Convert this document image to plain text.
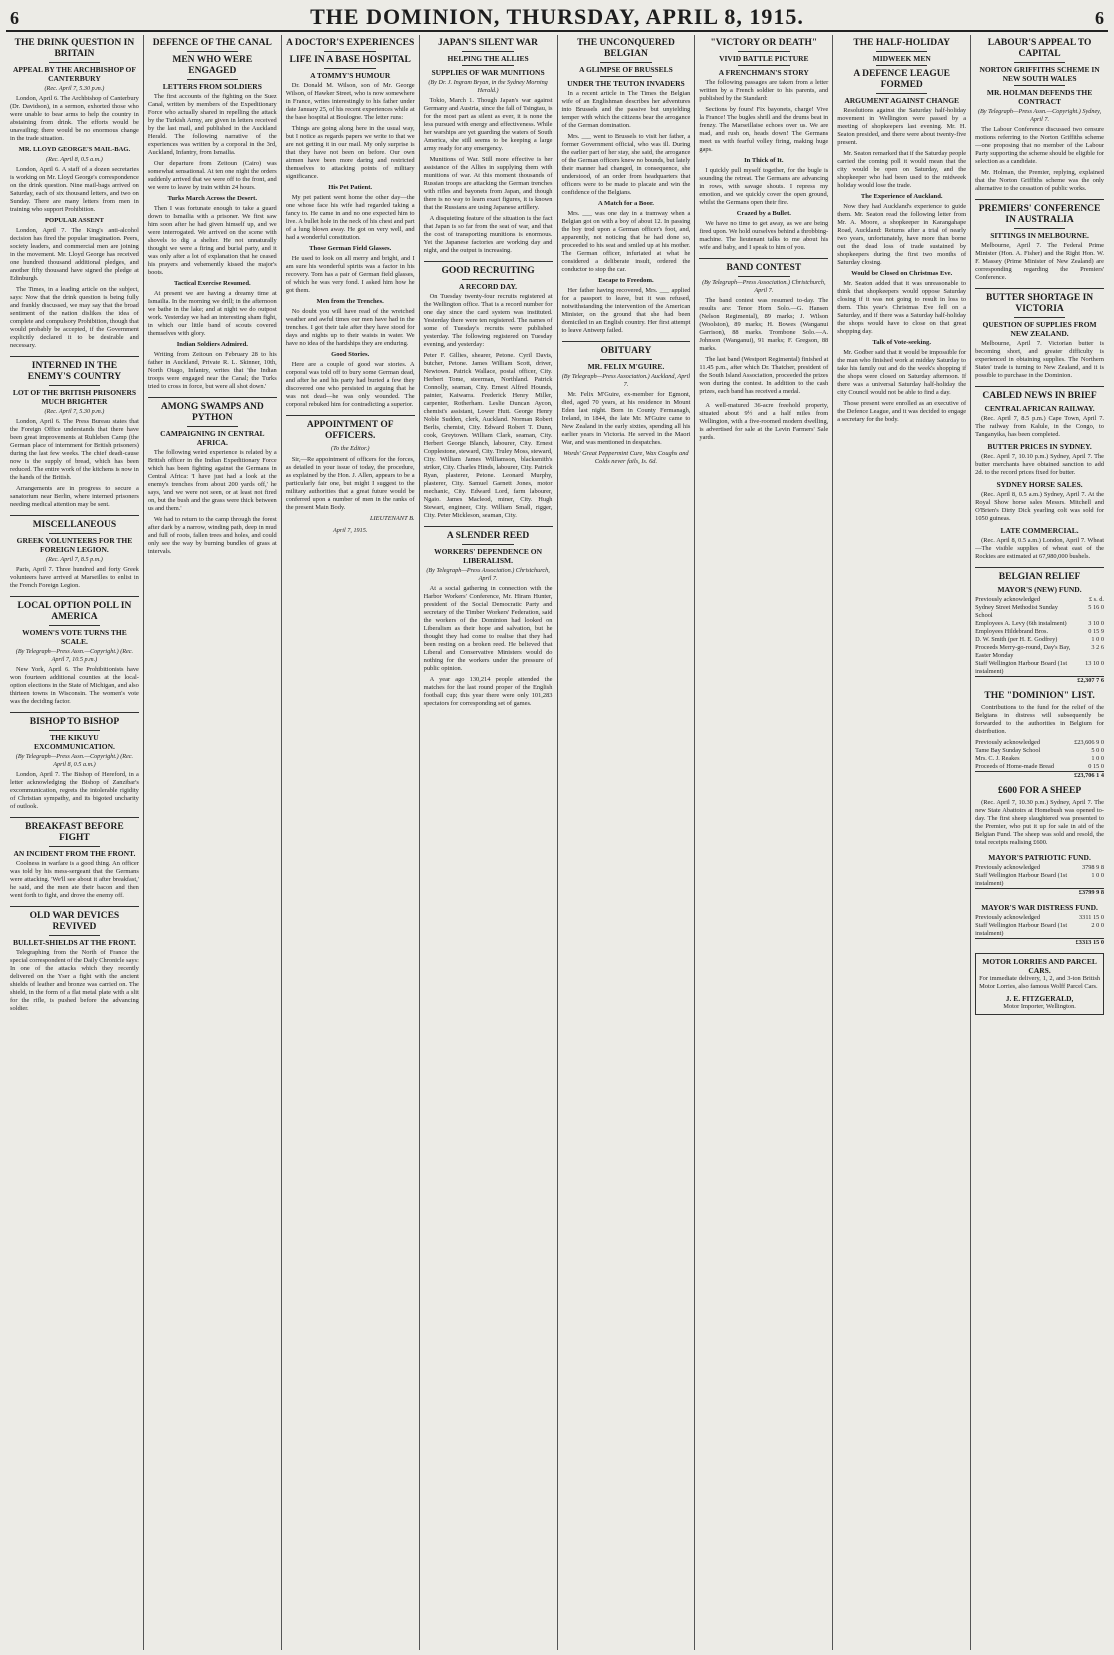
6	THE DOMINION, THURSDAY, APRIL 8, 1915.	6
THE DRINK QUESTION IN BRITAIN
APPEAL BY THE ARCHBISHOP OF CANTERBURY
(Rec. April 7, 5.30 p.m.)

London, April 6. The Archbishop of Canterbury (Dr. Davidson), in a sermon, exhorted those who were unable to bear arms to help the country in abstaining from drink. The efforts would be unavailing; there would be no enormous change in the trade situation.

MR. LLOYD GEORGE'S MAIL-BAG.
(Rec. April 8, 0.5 a.m.)

London, April 6. A staff of a dozen secretaries is working on Mr. Lloyd George's correspondence on the drink question. Nine mail-bags arrived on Saturday, each of six thousand letters, and two on Sunday. There are many letters from men in training who support Prohibition.

POPULAR ASSENT

London, April 7. The King's anti-alcohol decision has fired the popular imagination. Peers, society leaders, and commercial men are joining in the movement. Mr. Lloyd George has received one hundred thousand additional pledges, and another fifty thousand have signed the pledge at Edinburgh.

The Times, in a leading article on the subject, says: Now that the drink question is being fully and frankly discussed, we may say that the broad sentiment of the nation dislikes the idea of complete and compulsory Prohibition, though that would probably be accepted, if the Government explicitly declared it to be desirable and necessary.

INTERNED IN THE ENEMY'S COUNTRY
LOT OF THE BRITISH PRISONERS MUCH BRIGHTER
(Rec. April 7, 5.30 p.m.)

London, April 6. The Press Bureau states that the Foreign Office understands that there have been great improvements at Ruhleben Camp (the German place of internment for British prisoners) during the last few weeks. The chief deadi-cause now is the supply of bread, which has been reduced. The entire work of the kitchens is now in the hands of the British.

Arrangements are in progress to secure a sanatorium near Berlin, where interned prisoners needing medical attention may be sent.

MISCELLANEOUS
GREEK VOLUNTEERS FOR THE FOREIGN LEGION.
(Rec. April 7, 8.5 p.m.)

Paris, April 7. Three hundred and forty Greek volunteers have arrived at Marseilles to enlist in the French Foreign Legion.

LOCAL OPTION POLL IN AMERICA
WOMEN'S VOTE TURNS THE SCALE.
(By Telegraph—Press Assn.—Copyright.) (Rec. April 7, 10.5 p.m.)

New York, April 6. The Prohibitionists have won fourteen additional counties at the local-option elections in the State of Michigan, and also thirteen towns in Wisconsin. The women's vote was the deciding factor.

BISHOP TO BISHOP
THE KIKUYU EXCOMMUNICATION.
(By Telegraph—Press Assn.—Copyright.) (Rec. April 8, 0.5 a.m.)

London, April 7. The Bishop of Hereford, in a letter acknowledging the Bishop of Zanzibar's excommunication, regrets the intolerable rigidity of Christian sympathy, and its bigoted uncharity of outlook.

BREAKFAST BEFORE FIGHT
AN INCIDENT FROM THE FRONT.

Coolness in warfare is a good thing. An officer was told by his mess-sergeant that the Germans were attacking. 'We'll see about it after breakfast,' he said, and the men ate their bacon and then went forth to fight, and drove the enemy off.

OLD WAR DEVICES REVIVED
BULLET-SHIELDS AT THE FRONT.

Telegraphing from the North of France the special correspondent of the Daily Chronicle says: In one of the attacks which they recently delivered on the Yser a fight with the ancient shields of leather and bronze was carried on. The shield, in the form of a flat metal plate with a slit for the rifle, is pushed before the advancing soldier.

DEFENCE OF THE CANAL
MEN WHO WERE ENGAGED
LETTERS FROM SOLDIERS

The first accounts of the fighting on the Suez Canal, written by members of the Expeditionary Force who actually shared in repelling the attack by the Turkish Army, are given in letters received by the last mail, and published in the Auckland Herald. The following narrative of the experiences was written by a corporal in the 3rd, Auckland, Infantry, from Ismailia.

Our departure from Zeitoun (Cairo) was somewhat sensational. At ten one night the orders suddenly arrived that we were off to the front, and we were to leave by train within 24 hours.

Turks March Across the Desert.

Then I was fortunate enough to take a guard down to Ismailia with a prisoner. We first saw him soon after he had given himself up, and we were interrogated. We arrived on the scene with shovels to dig a shelter. He not unnaturally thought we were a firing and burial party, and it was only after a lot of explanation that he ceased his prayers and vehemently kissed the major's boots.

Tactical Exercise Resumed.

At present we are having a dreamy time at Ismailia. In the morning we drill; in the afternoon we bathe in the lake; and at night we do outpost work. Yesterday we had an interesting sham fight, in which our little band of scouts covered themselves with glory.

Indian Soldiers Admired.

Writing from Zeitoun on February 28 to his father in Auckland, Private R. L. Skinner, 10th, North Otago, Infantry, writes that 'the Indian troops were engaged near the Canal; the Turks tried to cross in force, but were all shot down.'

AMONG SWAMPS AND PYTHON
CAMPAIGNING IN CENTRAL AFRICA.

The following weird experience is related by a British officer in the Indian Expeditionary Force which has been fighting against the Germans in Central Africa: 'I have just had a look at the enemy's trenches from about 200 yards off,' he says, 'and we were not seen, or at least not fired on, but the bush and the grass were thick between us and them.'

We had to return to the camp through the forest after dark by a narrow, winding path, deep in mud and full of roots, fallen trees and holes, and could only see the way by burning bundles of grass at intervals.

A DOCTOR'S EXPERIENCES
LIFE IN A BASE HOSPITAL
A TOMMY'S HUMOUR

Dr. Donald M. Wilson, son of Mr. George Wilson, of Hawker Street, who is now somewhere in France, writes interestingly to his father under date January 25, of his recent experiences while at the base hospital at Boulogne. The letter runs:

Things are going along here in the usual way, but I notice as regards papers we write to that we are not getting it in our mail. My only surprise is that they have not been on before. Our own airmen have been more daring and restricted themselves to attacking points of military significance.

His Pet Patient.

My pet patient went home the other day—the one whose face his wife had regarded taking a fancy to. He came in and no one expected him to live. A bullet hole in the neck of his chest and part of a lung blown away. He got on very well, and had a wonderful constitution.

Those German Field Glasses.

He used to look on all merry and bright, and I am sure his wonderful spirits was a factor in his recovery. Tom has a pair of German field glasses, of which he was very fond. I asked him how he got them.

Men from the Trenches.

No doubt you will have read of the wretched weather and awful times our men have had in the trenches. I got their tale after they have stood for days and nights up to their waists in water. We have no idea of the hardships they are enduring.

Good Stories.

Here are a couple of good war stories. A corporal was told off to bury some German dead, and after he and his party had buried a few they discovered one who persisted in arguing that he was not dead—he was only wounded. The corporal rebuked him for contradicting a superior.

APPOINTMENT OF OFFICERS.
(To the Editor.)

Sir,—Re appointment of officers for the forces, as detailed in your issue of today, the procedure, as explained by the Hon. J. Allen, appears to be a particularly fair one, but might I suggest to the military authorities that a great future would be conferred upon a number of men in the ranks of the present Main Body.

LIEUTENANT B.
April 7, 1915.
JAPAN'S SILENT WAR
HELPING THE ALLIES
SUPPLIES OF WAR MUNITIONS
(By Dr. J. Ingram Bryan, in the Sydney Morning Herald.)

Tokio, March 1. Though Japan's war against Germany and Austria, since the fall of Tsingtau, is for the most part as silent as ever, it is none the less pursued with energy and effectiveness. While her warships are yet guarding the waters of South America, she still seems to be keeping a large army ready for any emergency.

Munitions of War. Still more effective is her assistance of the Allies in supplying them with munitions of war. At this moment thousands of Russian troops are attacking the German trenches with rifles and bayonets from Japan, and though there is no way to learn exact figures, it is known that the Russians are using Japanese artillery.

A disquieting feature of the situation is the fact that Japan is so far from the seat of war, and that the cost of transporting munitions is enormous. Yet the Japanese factories are working day and night, and the output is increasing.

GOOD RECRUITING
A RECORD DAY.

On Tuesday twenty-four recruits registered at the Wellington office. That is a record number for one day since the card system was instituted. Yesterday there were ten registered. The names of some of Tuesday's recruits were published yesterday. The following registered on Tuesday evening, and yesterday:

Peter F. Gillies, shearer, Petone. Cyril Davis, butcher, Petone. James William Scott, driver, Newtown. Patrick Wallace, postal officer, City. Herbert Tome, steerman, Northland. Patrick Connolly, seaman, City. Ernest Alfred Hounds, painter, Kaiwarra. Frederick Henry Miller, carpenter, Rotherham. Leslie Duncan Aycon, chemist's assistant, Lower Hutt. George Henry Noble Sudden, clerk, Auckland. Norman Robert Berlis, chemist, City. Edward Robert T. Dunn, cook, Greytown. William Clark, seaman, City. Herbert George Blanch, labourer, City. Ernest Copplestone, steward, City. Truley Moss, steward, City. William James Williamson, blacksmith's striker, City. Charles Hinds, labourer, City. Patrick Ryan, plasterer, Petone. Leonard Murphy, plasterer, City. Samuel Garnett Jones, motor mechanic, City. Edward Lord, farm labourer, Ngaio. James Macleod, miner, City. Hugh Stewart, engineer, City. William Small, rigger, City. Peter Mickleson, seaman, City.

A SLENDER REED
WORKERS' DEPENDENCE ON LIBERALISM.
(By Telegraph—Press Association.) Christchurch, April 7.

At a social gathering in connection with the Harbor Workers' Conference, Mr. Hiram Hunter, president of the Social Democratic Party and secretary of the Timber Workers' Federation, said the workers of the Dominion had looked on Liberalism as their hope and salvation, but he thought they had come to realise that they had been resting on a broken reed. He believed that Liberal and Conservative Ministers would do nothing for the workers under the pressure of public opinion.

A year ago 130,214 people attended the matches for the last round proper of the English football cup; this year there were only 101,283 spectators for corresponding set of games.

THE UNCONQUERED BELGIAN
A GLIMPSE OF BRUSSELS
UNDER THE TEUTON INVADERS

In a recent article in The Times the Belgian wife of an Englishman describes her adventures into Brussels and the passive but unyielding temper with which the citizens bear the arrogance of the German domination.

Mrs. ___ went to Brussels to visit her father, a former Government official, who was ill. During the earlier part of her stay, she said, the arrogance of the German officers knew no bounds, but lately their manner had changed, in consequence, she understood, of an order from headquarters that officers were to be made to placate and win the confidence of the Belgians.

A Match for a Boor.

Mrs. ___ was one day in a tramway when a Belgian got on with a boy of about 12. In passing the boy trod upon a German officer's foot, and, apparently, not noticing that he had done so, proceeded to his seat and smiled up at his mother. The German officer, infuriated at what he considered a deliberate insult, ordered the conductor to stop the car.

Escape to Freedom.

Her father having recovered, Mrs. ___ applied for a passport to leave, but it was refused, notwithstanding the intervention of the American Minister, on the ground that she had been domiciled in an English country. Her first attempt to leave Antwerp failed.

OBITUARY
MR. FELIX M'GUIRE.
(By Telegraph—Press Association.) Auckland, April 7.

Mr. Felix M'Guire, ex-member for Egmont, died, aged 70 years, at his residence in Mount Eden last night. Born in County Fermanagh, Ireland, in 1844, the late Mr. M'Guire came to New Zealand in the early sixties, spending all his earlier years in Victoria. He served in the Maori War, and was mentioned in despatches.

Words' Great Peppermint Cure, Wax Coughs and Colds never fails, Is. 6d.
"VICTORY OR DEATH"
VIVID BATTLE PICTURE
A FRENCHMAN'S STORY

The following passages are taken from a letter written by a French soldier to his parents, and published by the Standard:

Sections by fours! Fix bayonets, charge! Vive la France! The bugles shrill and the drums beat in frenzy. The Marseillaise echoes over us. We are mad, and rush on, heads down! The Germans meet us with fearful volley firing, making huge gaps.

In Thick of It.

I quickly pull myself together, for the bugle is sounding the retreat. The Germans are advancing in rows, with savage shouts. I repress my emotion, and we quickly cover the open ground, whilst the Germans open their fire.

Crazed by a Bullet.

We have no time to get away, as we are being fired upon. We hold ourselves behind a throbbing-machine. The lieutenant talks to me about his wife and baby, and I speak to him of you.

BAND CONTEST
(By Telegraph—Press Association.) Christchurch, April 7.

The band contest was resumed to-day. The results are: Tenor Horn Solo.—G. Hansen (Nelson Regimental), 89 marks; J. Wilson (Woolston), 89 marks; H. Bowes (Wanganui Garrison), 88 marks. Trombone Solo.—A. Johnson (Wanganui), 91 marks; F. Gregson, 88 marks.

The last band (Westport Regimental) finished at 11.45 p.m., after which Dr. Thatcher, president of the South Island Association, proceeded the prizes won during the contest. In addition to the cash prizes, each band has received a medal.

A well-matured 36-acre freehold property, situated about 9½ and a half miles from Wellington, with a five-roomed modern dwelling, is advertised for sale at the Levin Farmers' Sale yards.

THE HALF-HOLIDAY
MIDWEEK MEN
A DEFENCE LEAGUE FORMED
ARGUMENT AGAINST CHANGE

Resolutions against the Saturday half-holiday movement in Wellington were passed by a meeting of shopkeepers last evening. Mr. H. Seaton presided, and there were about twenty-five present.

Mr. Seaton remarked that if the Saturday people carried the coming poll it would mean that the city would be open on Saturday, and the shopkeeper who had been used to the midweek holiday would lose the trade.

The Experience of Auckland.

Now they had Auckland's experience to guide them. Mr. Seaton read the following letter from Mr. A. Moore, a shopkeeper in Karangahape Road, Auckland: Returns after a trial of nearly two years, unfortunately, have more than borne out the dead loss of trade sustained by shopkeepers during the first two months of Saturday closing.

Would be Closed on Christmas Eve.

Mr. Seaton added that it was unreasonable to think that shopkeepers would oppose Saturday closing if it was not going to result in loss to them. This year's Christmas Eve fell on a Saturday, and if there was a Saturday half-holiday the shops would have to close on that great shopping day.

Talk of Vote-seeking.

Mr. Godber said that it would be impossible for the man who finished work at midday Saturday to take his family out and do the week's shopping if the shops were closed on Saturday afternoon. If there was a universal Saturday half-holiday the city Council would not be able to find a day.

Those present were enrolled as an executive of the Defence League, and it was decided to engage a secretary for the body.

LABOUR'S APPEAL TO CAPITAL
NORTON GRIFFITHS SCHEME IN NEW SOUTH WALES
MR. HOLMAN DEFENDS THE CONTRACT
(By Telegraph—Press Assn.—Copyright.) Sydney, April 7.

The Labour Conference discussed two censure motions referring to the Norton Griffiths scheme—one proposing that no member of the Labour Party supporting the scheme should be eligible for selection as a candidate.

Mr. Holman, the Premier, replying, explained that the Norton Griffiths scheme was the only alternative to the cessation of public works.

PREMIERS' CONFERENCE IN AUSTRALIA
SITTINGS IN MELBOURNE.

Melbourne, April 7. The Federal Prime Minister (Hon. A. Fisher) and the Right Hon. W. F. Massey (Prime Minister of New Zealand) are corresponding regarding the Premiers' Conference.

BUTTER SHORTAGE IN VICTORIA
QUESTION OF SUPPLIES FROM NEW ZEALAND.

Melbourne, April 7. Victorian butter is becoming short, and greater difficulty is experienced in obtaining supplies. The Northern States' trade is turning to New Zealand, and it is possible to purchase in the Dominion.

CABLED NEWS IN BRIEF
CENTRAL AFRICAN RAILWAY.

(Rec. April 7, 8.5 p.m.) Cape Town, April 7. The railway from Kalule, in the Congo, to Tanganyika, has been completed.

BUTTER PRICES IN SYDNEY.

(Rec. April 7, 10.10 p.m.) Sydney, April 7. The butter merchants have obtained sanction to add 2d. to the record prices fixed for butter.

SYDNEY HORSE SALES.

(Rec. April 8, 0.5 a.m.) Sydney, April 7. At the Royal Show horse sales Messrs. Mitchell and O'Brien's Dirty Dick yearling colt was sold for 1050 guineas.

LATE COMMERCIAL.

(Rec. April 8, 0.5 a.m.) London, April 7. Wheat—The visible supplies of wheat east of the Rockies are estimated at 67,980,000 bushels.

BELGIAN RELIEF
MAYOR'S (NEW) FUND.
Previously acknowledged	£ s. d.
Sydney Street Methodist Sunday School	5 16 0
Employees A. Levy (6th instalment)	3 10 0
Employees Hildebrand Bros.	0 15 9
D. W. Smith (per H. E. Godfrey)	1 0 0
Proceeds Merry-go-round, Day's Bay, Easter Monday	3 2 6
Staff Wellington Harbour Board (1st instalment)	13 10 0
	£2,307 7 6
THE "DOMINION" LIST.

Contributions to the fund for the relief of the Belgians in distress will subsequently be forwarded to the authorities in Belgium for distribution.

Previously acknowledged	£23,606 9 0
Tame Bay Sunday School	5 0 0
Mrs. C. J. Reakes	1 0 0
Proceeds of Home-made Bread	0 15 0
	£23,706 1 4
£600 FOR A SHEEP

(Rec. April 7, 10.30 p.m.) Sydney, April 7. The new State Abattoirs at Homebush was opened to-day. The first sheep slaughtered was presented to the Premier, who put it up for sale in aid of the Belgian Fund. The sheep was sold and resold, the total receipts realising £600.

MAYOR'S PATRIOTIC FUND.
Previously acknowledged	3798 9 8
Staff Wellington Harbour Board (1st instalment)	1 0 0
	£3799 9 8
MAYOR'S WAR DISTRESS FUND.
Previously acknowledged	3311 15 0
Staff Wellington Harbour Board (1st instalment)	2 0 0
	£3313 15 0
MOTOR LORRIES AND PARCEL CARS.

For immediate delivery, 1, 2, and 3-ton British Motor Lorries, also famous Wolff Parcel Cars.

J. E. FITZGERALD,
Motor Importer, Wellington.
